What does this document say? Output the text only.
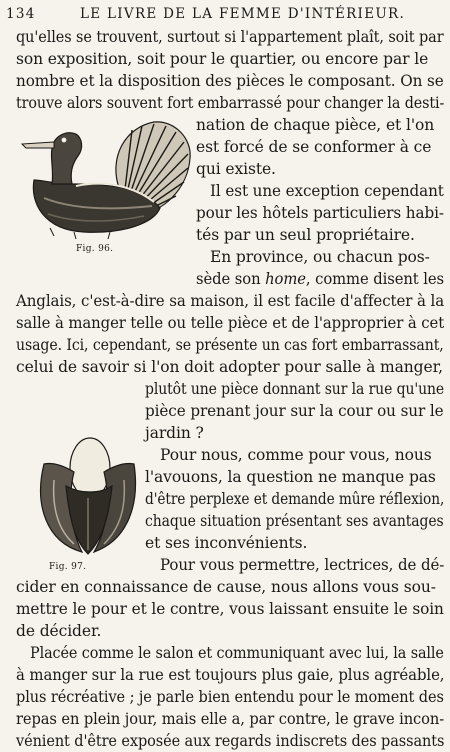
134	LE LIVRE DE LA FEMME D'INTÉRIEUR.
Fig. 96.
Fig. 97.
qu'elles se trouvent, surtout si l'appartement plaît, soit par
son exposition, soit pour le quartier, ou encore par le
nombre et la disposition des pièces le composant. On se
trouve alors souvent fort embarrassé pour changer la desti-
nation de chaque pièce, et l'on
est forcé de se conformer à ce
qui existe.
Il est une exception cependant
pour les hôtels particuliers habi-
tés par un seul propriétaire.
En province, ou chacun pos-
sède son home, comme disent les
Anglais, c'est-à-dire sa maison, il est facile d'affecter à la
salle à manger telle ou telle pièce et de l'approprier à cet
usage. Ici, cependant, se présente un cas fort embarrassant,
celui de savoir si l'on doit adopter pour salle à manger,
plutôt une pièce donnant sur la rue qu'une
pièce prenant jour sur la cour ou sur le
jardin ?
Pour nous, comme pour vous, nous
l'avouons, la question ne manque pas
d'être perplexe et demande mûre réflexion,
chaque situation présentant ses avantages
et ses inconvénients.
Pour vous permettre, lectrices, de dé-
cider en connaissance de cause, nous allons vous sou-
mettre le pour et le contre, vous laissant ensuite le soin
de décider.
Placée comme le salon et communiquant avec lui, la salle
à manger sur la rue est toujours plus gaie, plus agréable,
plus récréative ; je parle bien entendu pour le moment des
repas en plein jour, mais elle a, par contre, le grave incon-
vénient d'être exposée aux regards indiscrets des passants
